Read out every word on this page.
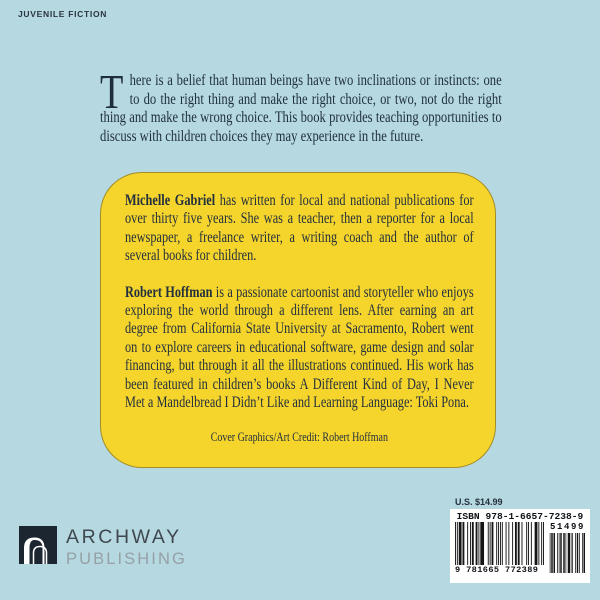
JUVENILE FICTION
There is a belief that human beings have two inclinations or instincts: one to do the right thing and make the right choice, or two, not do the right thing and make the wrong choice. This book provides teaching opportunities to discuss with children choices they may experience in the future.

Michelle Gabriel has written for local and national publications for over thirty five years. She was a teacher, then a reporter for a local newspaper, a freelance writer, a writing coach and the author of several books for children.

Robert Hoffman is a passionate cartoonist and storyteller who enjoys exploring the world through a different lens. After earning an art degree from California State University at Sacramento, Robert went on to explore careers in educational software, game design and solar financing, but through it all the illustrations continued. His work has been featured in children’s books A Different Kind of Day, I Never Met a Mandelbread I Didn’t Like and Learning Language: Toki Pona.

Cover Graphics/Art Credit: Robert Hoffman
ARCHWAY
PUBLISHING
U.S. $14.99
ISBN 978-1-6657-7238-9
9 781665 772389
51499
